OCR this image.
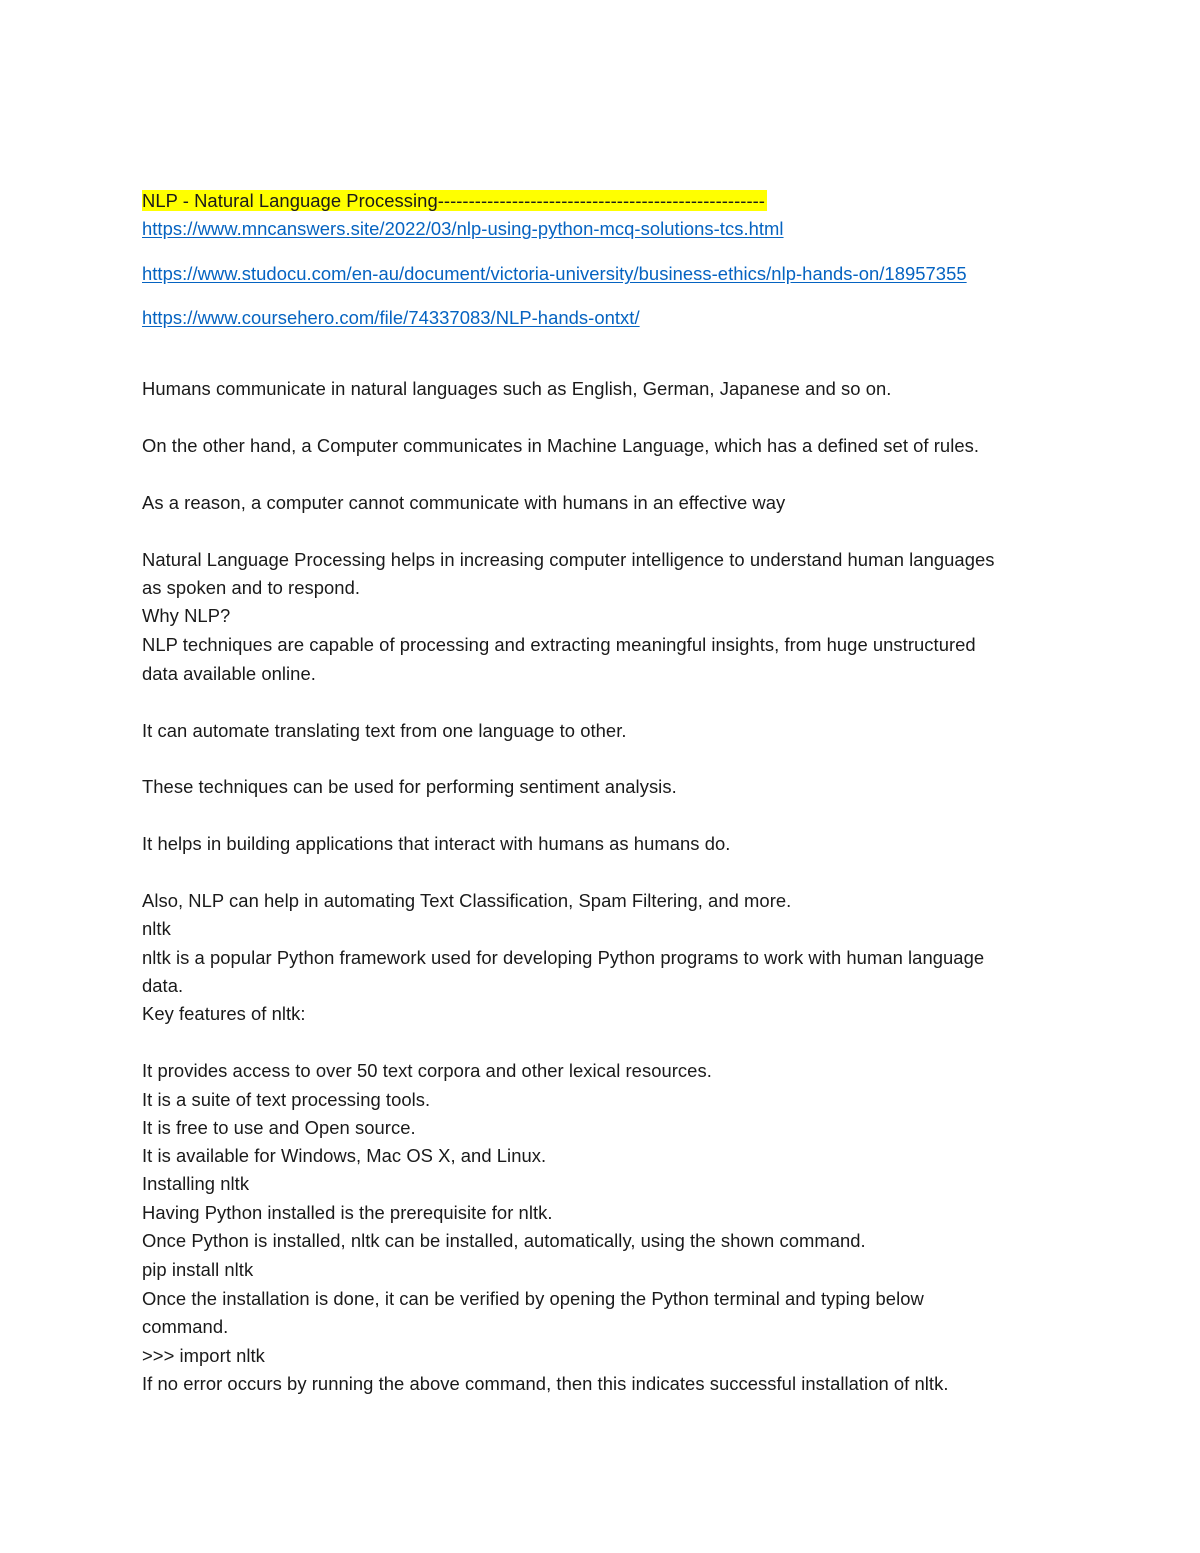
NLP - Natural Language Processing-----------------------------------------------------
https://www.mncanswers.site/2022/03/nlp-using-python-mcq-solutions-tcs.html
https://www.studocu.com/en-au/document/victoria-university/business-ethics/nlp-hands-on/18957355
https://www.coursehero.com/file/74337083/NLP-hands-ontxt/
Humans communicate in natural languages such as English, German, Japanese and so on.
On the other hand, a Computer communicates in Machine Language, which has a defined set of rules.
As a reason, a computer cannot communicate with humans in an effective way
Natural Language Processing helps in increasing computer intelligence to understand human languages
as spoken and to respond.
Why NLP?
NLP techniques are capable of processing and extracting meaningful insights, from huge unstructured
data available online.
It can automate translating text from one language to other.
These techniques can be used for performing sentiment analysis.
It helps in building applications that interact with humans as humans do.
Also, NLP can help in automating Text Classification, Spam Filtering, and more.
nltk
nltk is a popular Python framework used for developing Python programs to work with human language
data.
Key features of nltk:
It provides access to over 50 text corpora and other lexical resources.
It is a suite of text processing tools.
It is free to use and Open source.
It is available for Windows, Mac OS X, and Linux.
Installing nltk
Having Python installed is the prerequisite for nltk.
Once Python is installed, nltk can be installed, automatically, using the shown command.
pip install nltk
Once the installation is done, it can be verified by opening the Python terminal and typing below
command.
>>> import nltk
If no error occurs by running the above command, then this indicates successful installation of nltk.
